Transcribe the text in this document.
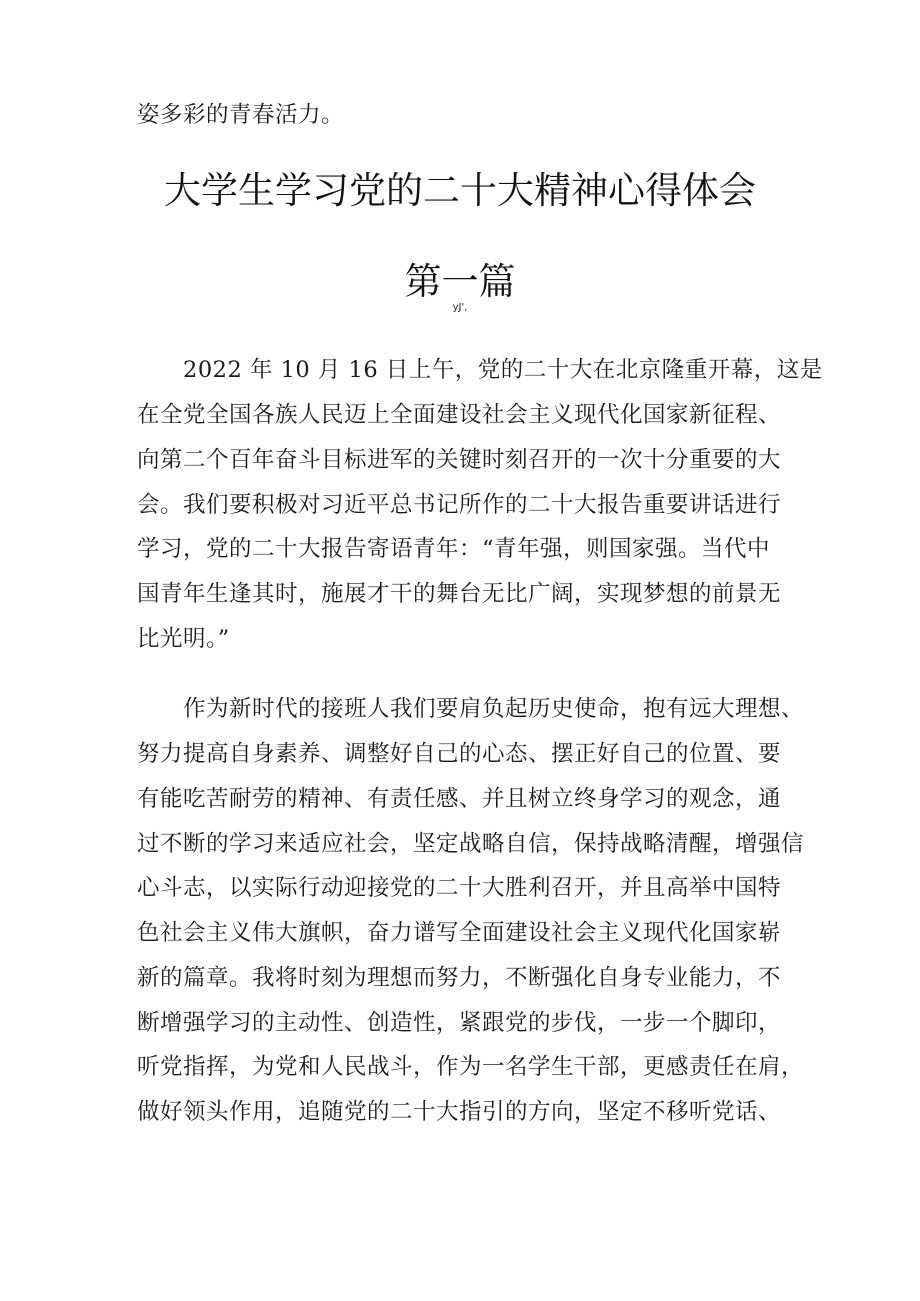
姿多彩的青春活力。
大学生学习党的二十大精神心得体会
第一篇
yJ',
2022 年 10 月 16 日上午，党的二十大在北京隆重开幕，这是
在全党全国各族人民迈上全面建设社会主义现代化国家新征程、
向第二个百年奋斗目标进军的关键时刻召开的一次十分重要的大
会。我们要积极对习近平总书记所作的二十大报告重要讲话进行
学习，党的二十大报告寄语青年：“青年强，则国家强。当代中
国青年生逢其时，施展才干的舞台无比广阔，实现梦想的前景无
比光明。”
作为新时代的接班人我们要肩负起历史使命，抱有远大理想、
努力提高自身素养、调整好自己的心态、摆正好自己的位置、要
有能吃苦耐劳的精神、有责任感、并且树立终身学习的观念，通
过不断的学习来适应社会，坚定战略自信，保持战略清醒，增强信
心斗志，以实际行动迎接党的二十大胜利召开，并且高举中国特
色社会主义伟大旗帜，奋力谱写全面建设社会主义现代化国家崭
新的篇章。我将时刻为理想而努力，不断强化自身专业能力，不
断增强学习的主动性、创造性，紧跟党的步伐，一步一个脚印，
听党指挥，为党和人民战斗，作为一名学生干部，更感责任在肩，
做好领头作用，追随党的二十大指引的方向，坚定不移听党话、
